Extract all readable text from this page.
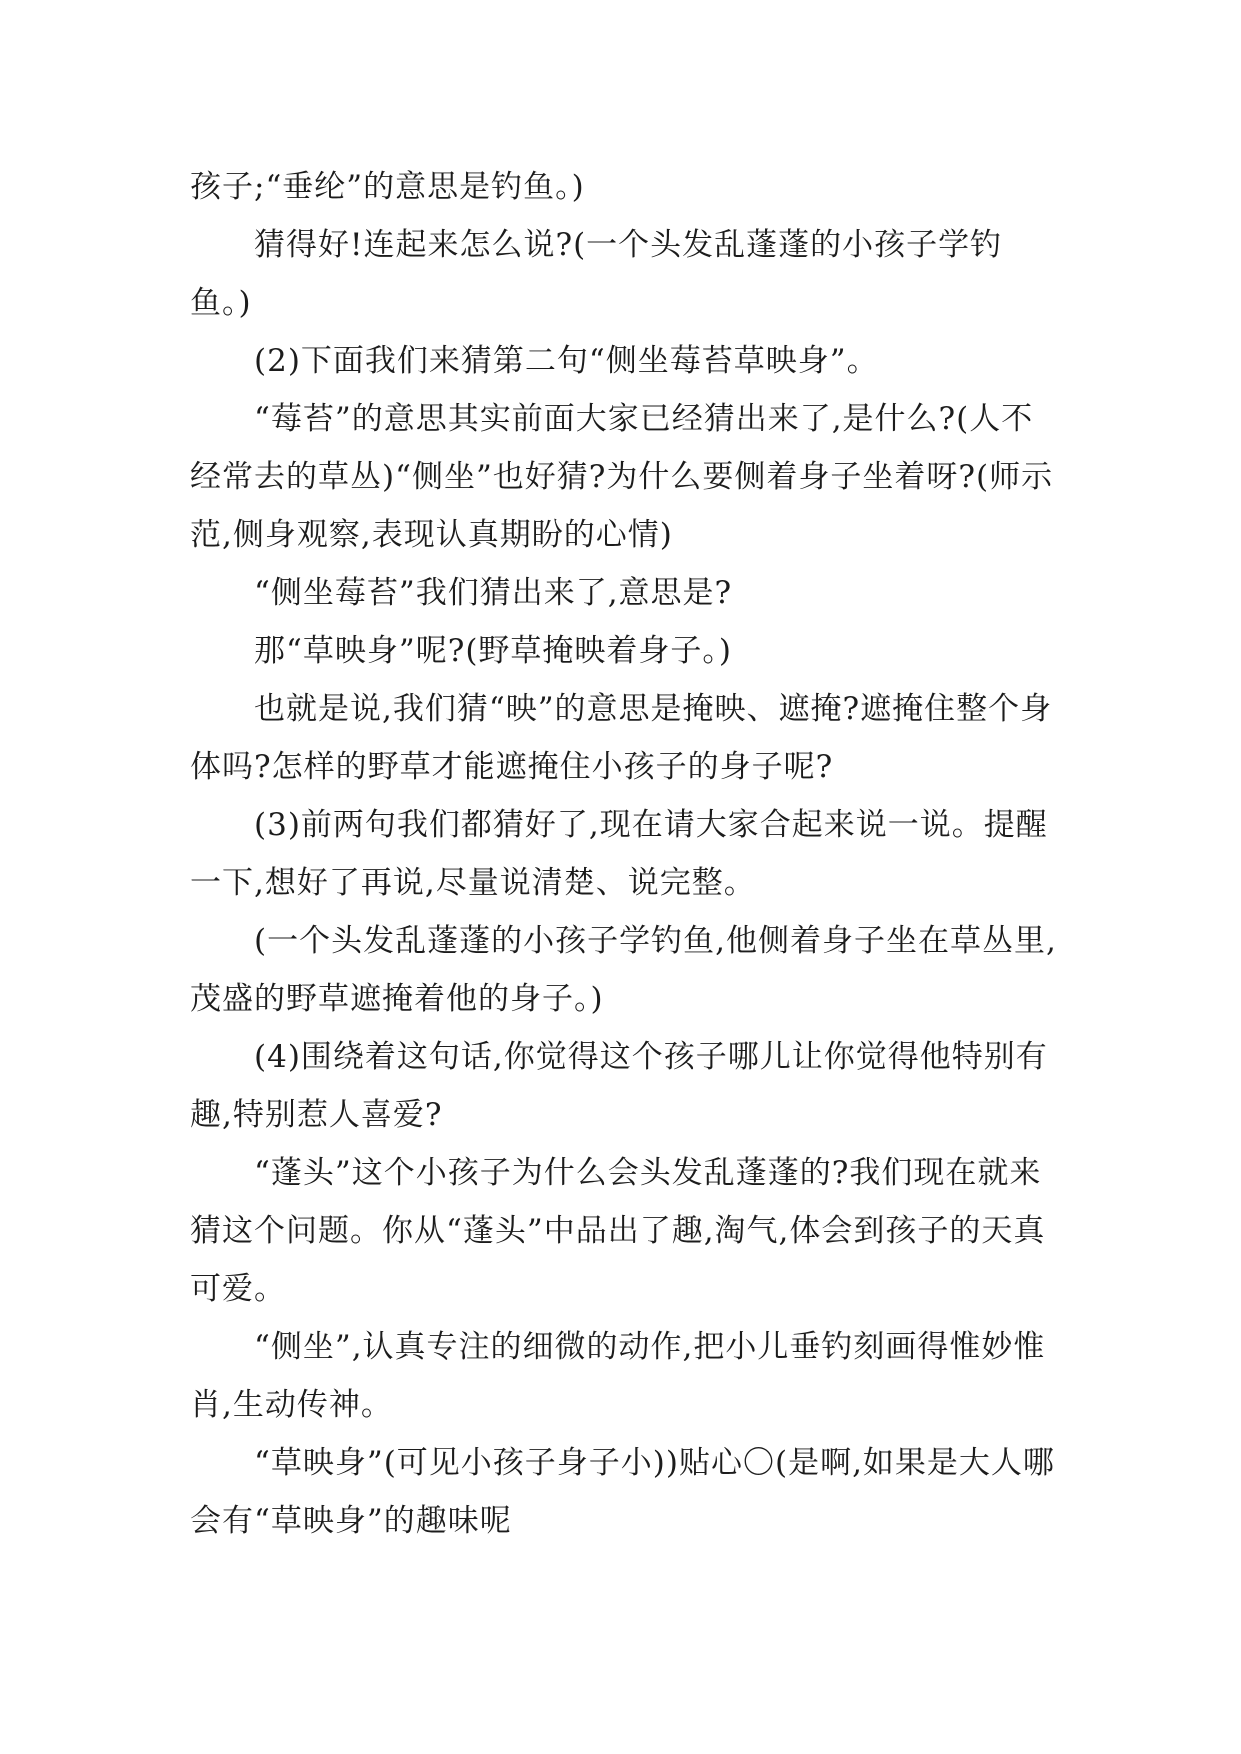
孩子;“垂纶”的意思是钓鱼。)

猜得好!连起来怎么说?(一个头发乱蓬蓬的小孩子学钓鱼。)

(2)下面我们来猜第二句“侧坐莓苔草映身”。

“莓苔”的意思其实前面大家已经猜出来了,是什么?(人不经常去的草丛)“侧坐”也好猜?为什么要侧着身子坐着呀?(师示范,侧身观察,表现认真期盼的心情)

“侧坐莓苔”我们猜出来了,意思是?

那“草映身”呢?(野草掩映着身子。)

也就是说,我们猜“映”的意思是掩映、遮掩?遮掩住整个身体吗?怎样的野草才能遮掩住小孩子的身子呢?

(3)前两句我们都猜好了,现在请大家合起来说一说。提醒一下,想好了再说,尽量说清楚、说完整。

(一个头发乱蓬蓬的小孩子学钓鱼,他侧着身子坐在草丛里,茂盛的野草遮掩着他的身子。)

(4)围绕着这句话,你觉得这个孩子哪儿让你觉得他特别有趣,特别惹人喜爱?

“蓬头”这个小孩子为什么会头发乱蓬蓬的?我们现在就来猜这个问题。你从“蓬头”中品出了趣,淘气,体会到孩子的天真可爱。

“侧坐”,认真专注的细微的动作,把小儿垂钓刻画得惟妙惟肖,生动传神。

“草映身”(可见小孩子身子小))贴心〇(是啊,如果是大人哪会有“草映身”的趣味呢
